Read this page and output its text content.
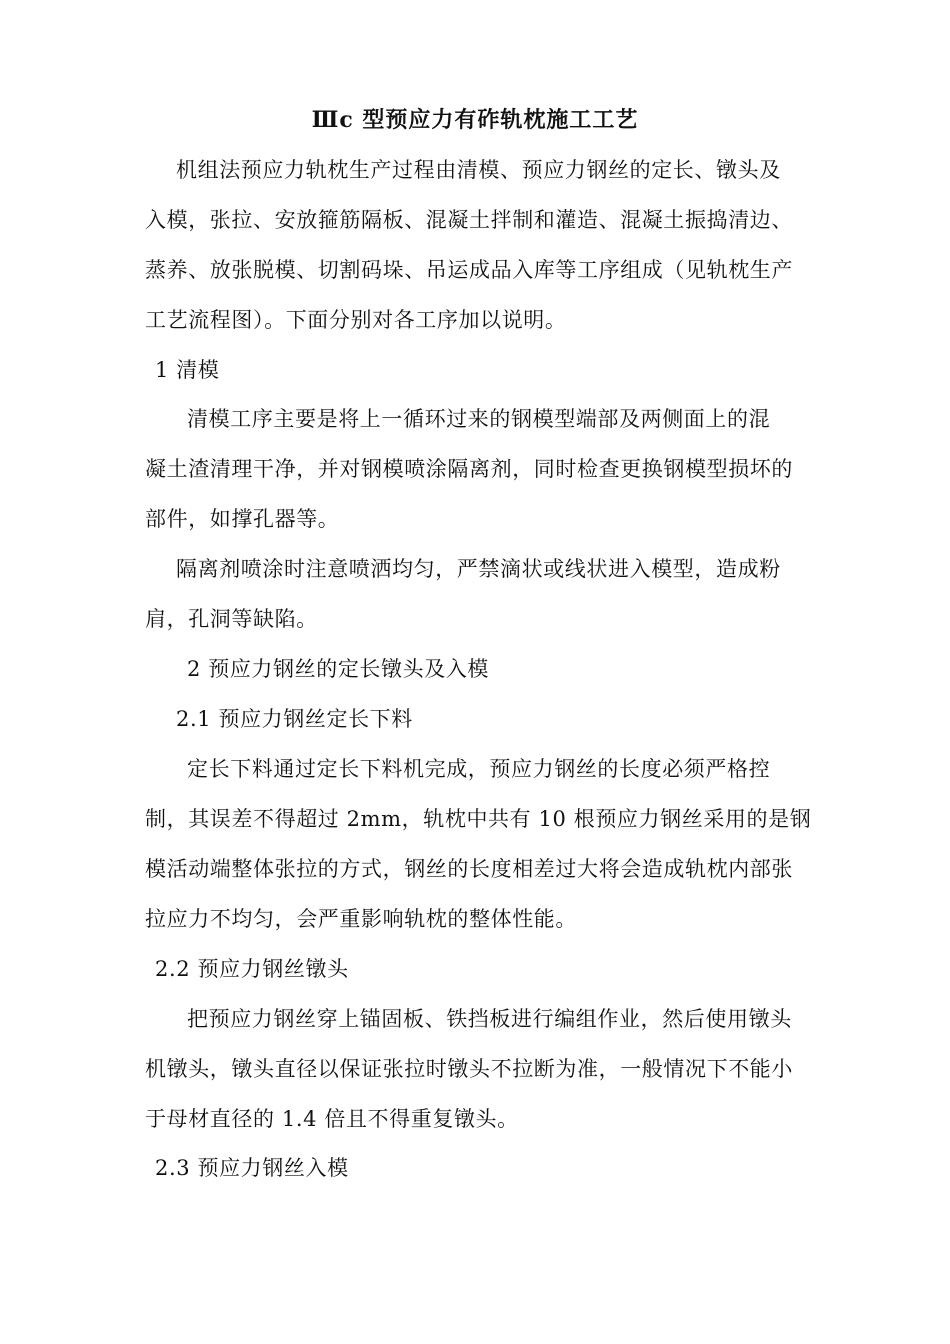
Ⅲc 型预应力有砟轨枕施工工艺

机组法预应力轨枕生产过程由清模、预应力钢丝的定长、镦头及

入模，张拉、安放箍筋隔板、混凝土拌制和灌造、混凝土振捣清边、

蒸养、放张脱模、切割码垛、吊运成品入库等工序组成（见轨枕生产

工艺流程图）。下面分别对各工序加以说明。

1 清模

清模工序主要是将上一循环过来的钢模型端部及两侧面上的混

凝土渣清理干净，并对钢模喷涂隔离剂，同时检查更换钢模型损坏的

部件，如撑孔器等。

隔离剂喷涂时注意喷洒均匀，严禁滴状或线状进入模型，造成粉

肩，孔洞等缺陷。

2 预应力钢丝的定长镦头及入模

2.1 预应力钢丝定长下料

定长下料通过定长下料机完成，预应力钢丝的长度必须严格控

制，其误差不得超过 2mm，轨枕中共有 10 根预应力钢丝采用的是钢

模活动端整体张拉的方式，钢丝的长度相差过大将会造成轨枕内部张

拉应力不均匀，会严重影响轨枕的整体性能。

2.2 预应力钢丝镦头

把预应力钢丝穿上锚固板、铁挡板进行编组作业，然后使用镦头

机镦头，镦头直径以保证张拉时镦头不拉断为准，一般情况下不能小

于母材直径的 1.4 倍且不得重复镦头。

2.3 预应力钢丝入模
